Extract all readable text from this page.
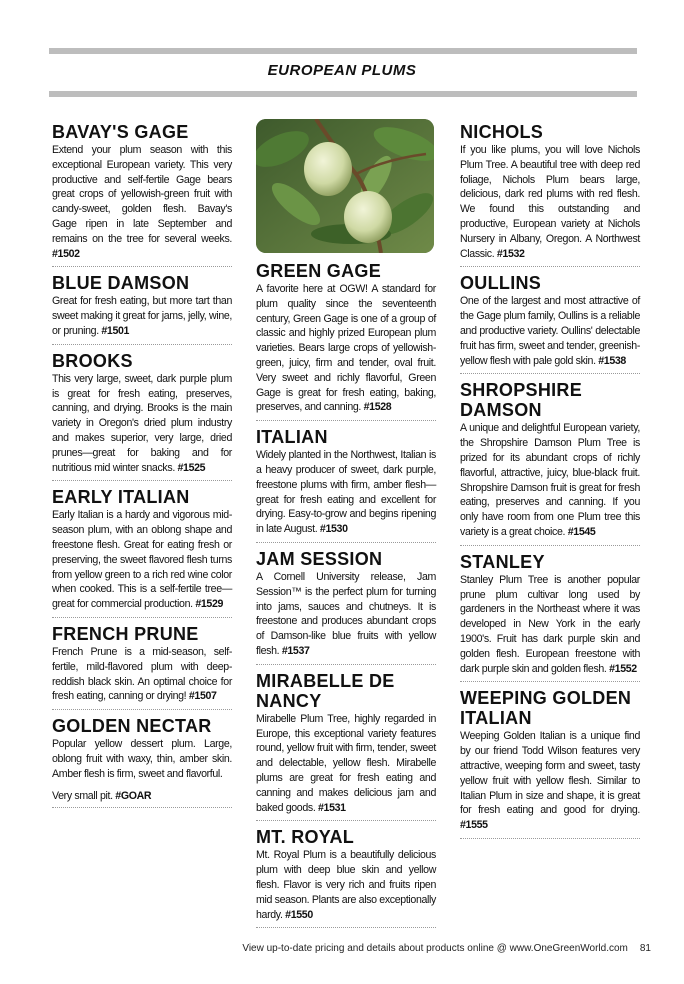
EUROPEAN PLUMS
BAVAY'S GAGE

Extend your plum season with this exceptional European variety. This very productive and self-fertile Gage bears great crops of yellowish-green fruit with candy-sweet, golden flesh. Bavay's Gage ripen in late September and remains on the tree for several weeks. #1502

BLUE DAMSON

Great for fresh eating, but more tart than sweet making it great for jams, jelly, wine, or pruning. #1501

BROOKS

This very large, sweet, dark purple plum is great for fresh eating, preserves, canning, and drying. Brooks is the main variety in Oregon's dried plum industry and makes superior, very large, dried prunes—great for baking and for nutritious mid winter snacks. #1525

EARLY ITALIAN

Early Italian is a hardy and vigorous mid-season plum, with an oblong shape and freestone flesh. Great for eating fresh or preserving, the sweet flavored flesh turns from yellow green to a rich red wine color when cooked. This is a self-fertile tree—great for commercial production. #1529

FRENCH PRUNE

French Prune is a mid-season, self-fertile, mild-flavored plum with deep-reddish black skin. An optimal choice for fresh eating, canning or drying! #1507

GOLDEN NECTAR

Popular yellow dessert plum. Large, oblong fruit with waxy, thin, amber skin. Amber flesh is firm, sweet and flavorful.

Very small pit. #GOAR

GREEN GAGE

A favorite here at OGW! A standard for plum quality since the seventeenth century, Green Gage is one of a group of classic and highly prized European plum varieties. Bears large crops of yellowish-green, juicy, firm and tender, oval fruit. Very sweet and richly flavorful, Green Gage is great for fresh eating, baking, preserves, and canning. #1528

ITALIAN

Widely planted in the Northwest, Italian is a heavy producer of sweet, dark purple, freestone plums with firm, amber flesh—great for fresh eating and excellent for drying. Easy-to-grow and begins ripening in late August. #1530

JAM SESSION

A Cornell University release, Jam Session™ is the perfect plum for turning into jams, sauces and chutneys. It is freestone and produces abundant crops of Damson-like blue fruits with yellow flesh. #1537

MIRABELLE DE NANCY

Mirabelle Plum Tree, highly regarded in Europe, this exceptional variety features round, yellow fruit with firm, tender, sweet and delectable, yellow flesh. Mirabelle plums are great for fresh eating and canning and makes delicious jam and baked goods. #1531

MT. ROYAL

Mt. Royal Plum is a beautifully delicious plum with deep blue skin and yellow flesh. Flavor is very rich and fruits ripen mid season. Plants are also exceptionally hardy. #1550

NICHOLS

If you like plums, you will love Nichols Plum Tree. A beautiful tree with deep red foliage, Nichols Plum bears large, delicious, dark red plums with red flesh. We found this outstanding and productive, European variety at Nichols Nursery in Albany, Oregon. A Northwest Classic. #1532

OULLINS

One of the largest and most attractive of the Gage plum family, Oullins is a reliable and productive variety. Oullins' delectable fruit has firm, sweet and tender, greenish-yellow flesh with pale gold skin. #1538

SHROPSHIRE DAMSON

A unique and delightful European variety, the Shropshire Damson Plum Tree is prized for its abundant crops of richly flavorful, attractive, juicy, blue-black fruit. Shropshire Damson fruit is great for fresh eating, preserves and canning. If you only have room from one Plum tree this variety is a great choice. #1545

STANLEY

Stanley Plum Tree is another popular prune plum cultivar long used by gardeners in the Northeast where it was developed in New York in the early 1900's. Fruit has dark purple skin and golden flesh. European freestone with dark purple skin and golden flesh. #1552

WEEPING GOLDEN ITALIAN

Weeping Golden Italian is a unique find by our friend Todd Wilson features very attractive, weeping form and sweet, tasty yellow fruit with yellow flesh. Similar to Italian Plum in size and shape, it is great for fresh eating and good for drying. #1555

View up-to-date pricing and details about products online @ www.OneGreenWorld.com 81
